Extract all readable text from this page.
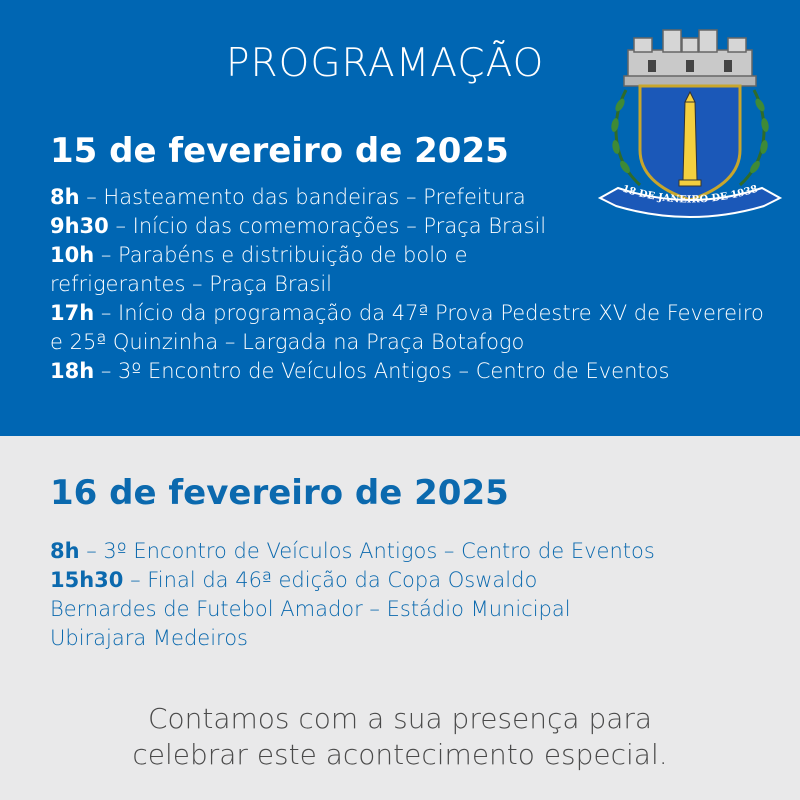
PROGRAMAÇÃO
18 DE JANEIRO DE 1938
15 de fevereiro de 2025
8h – Hasteamento das bandeiras – Prefeitura
9h30 – Início das comemorações – Praça Brasil
10h – Parabéns e distribuição de bolo e refrigerantes – Praça Brasil
17h – Início da programação da 47ª Prova Pedestre XV de Fevereiro e 25ª Quinzinha – Largada na Praça Botafogo
18h – 3º Encontro de Veículos Antigos – Centro de Eventos
16 de fevereiro de 2025
8h – 3º Encontro de Veículos Antigos – Centro de Eventos
15h30 – Final da 46ª edição da Copa Oswaldo Bernardes de Futebol Amador – Estádio Municipal Ubirajara Medeiros
Contamos com a sua presença para
celebrar este acontecimento especial.
